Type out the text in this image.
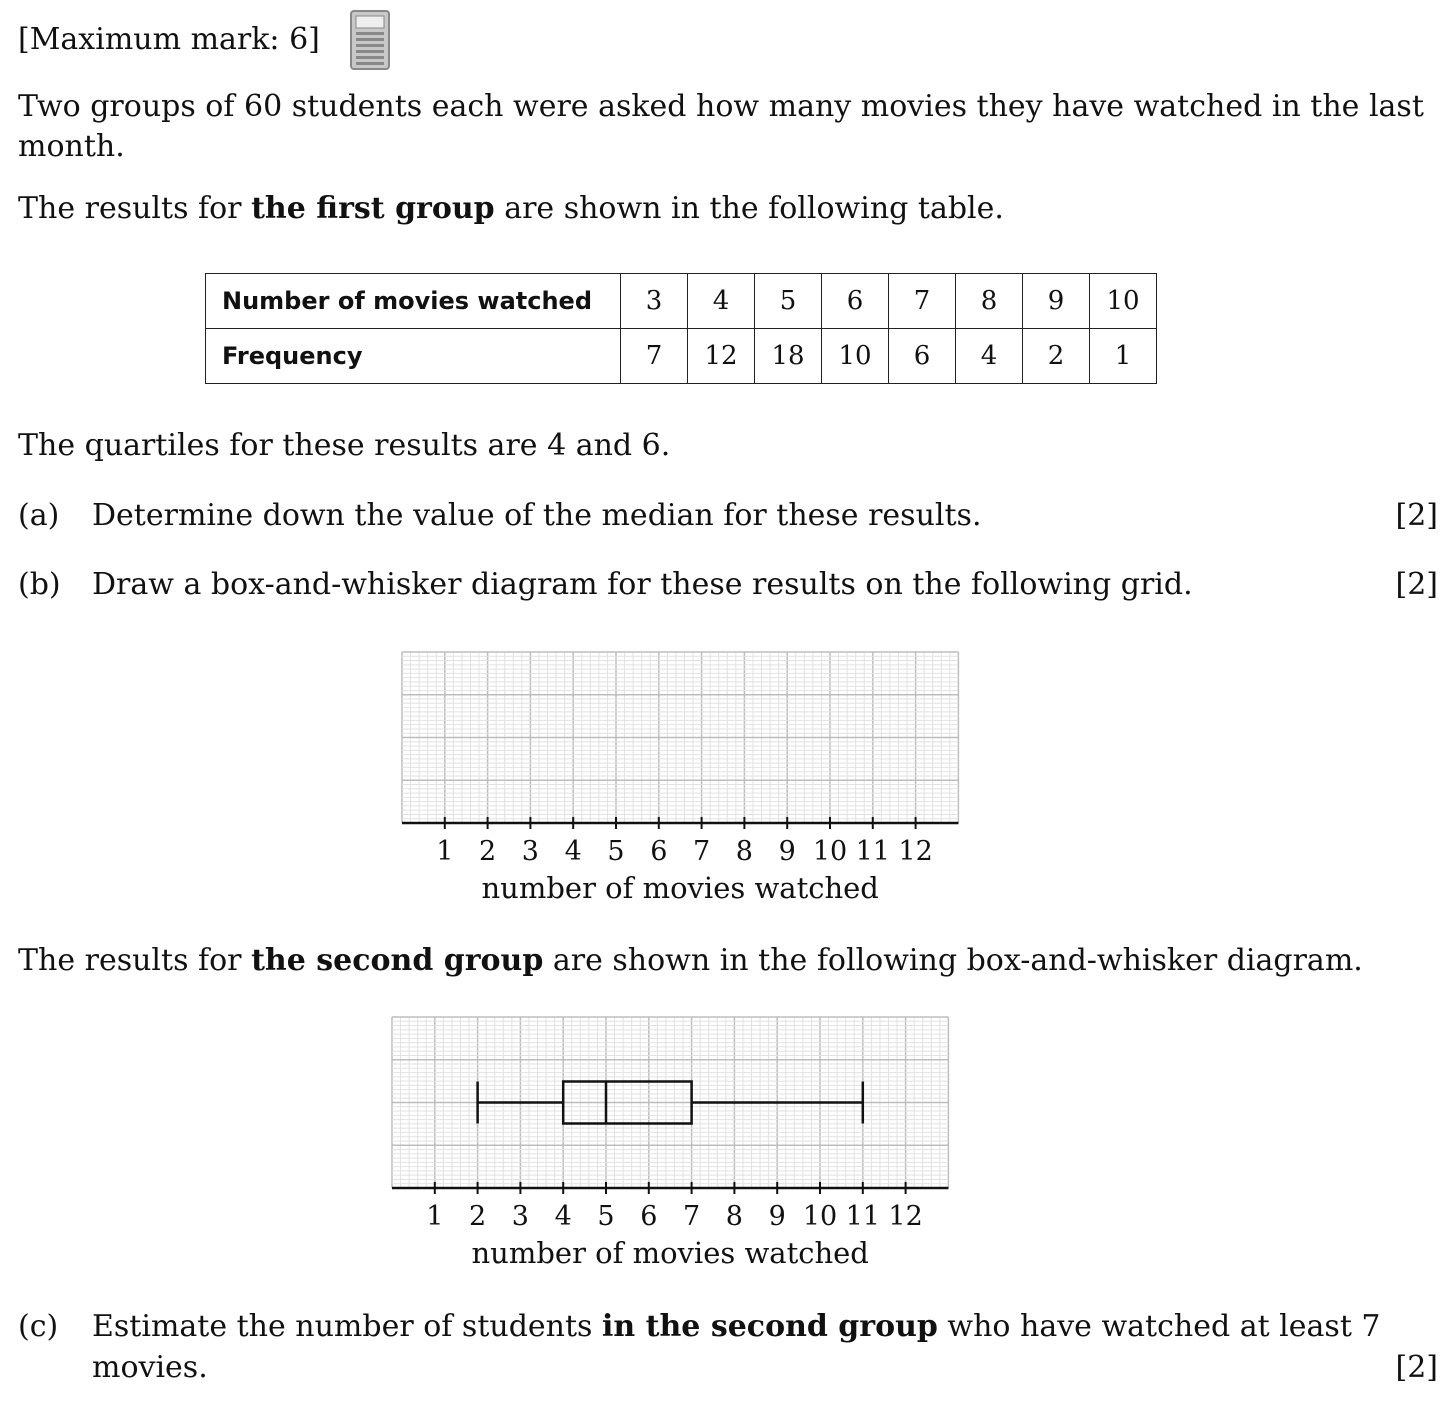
[Maximum mark: 6]
Two groups of 60 students each were asked how many movies they have watched in the last
month.
The results for the first group are shown in the following table.
Number of movies watched	3	4	5	6	7	8	9	10
Frequency	7	12	18	10	6	4	2	1
The quartiles for these results are 4 and 6.
(a) Determine down the value of the median for these results.	[2]
(b) Draw a box-and-whisker diagram for these results on the following grid.	[2]
1 2 3 4 5 6 7 8 9 10 11 12
number of movies watched
The results for the second group are shown in the following box-and-whisker diagram.
1 2 3 4 5 6 7 8 9 10 11 12
number of movies watched
(c) Estimate the number of students in the second group who have watched at least 7
movies.	[2]
